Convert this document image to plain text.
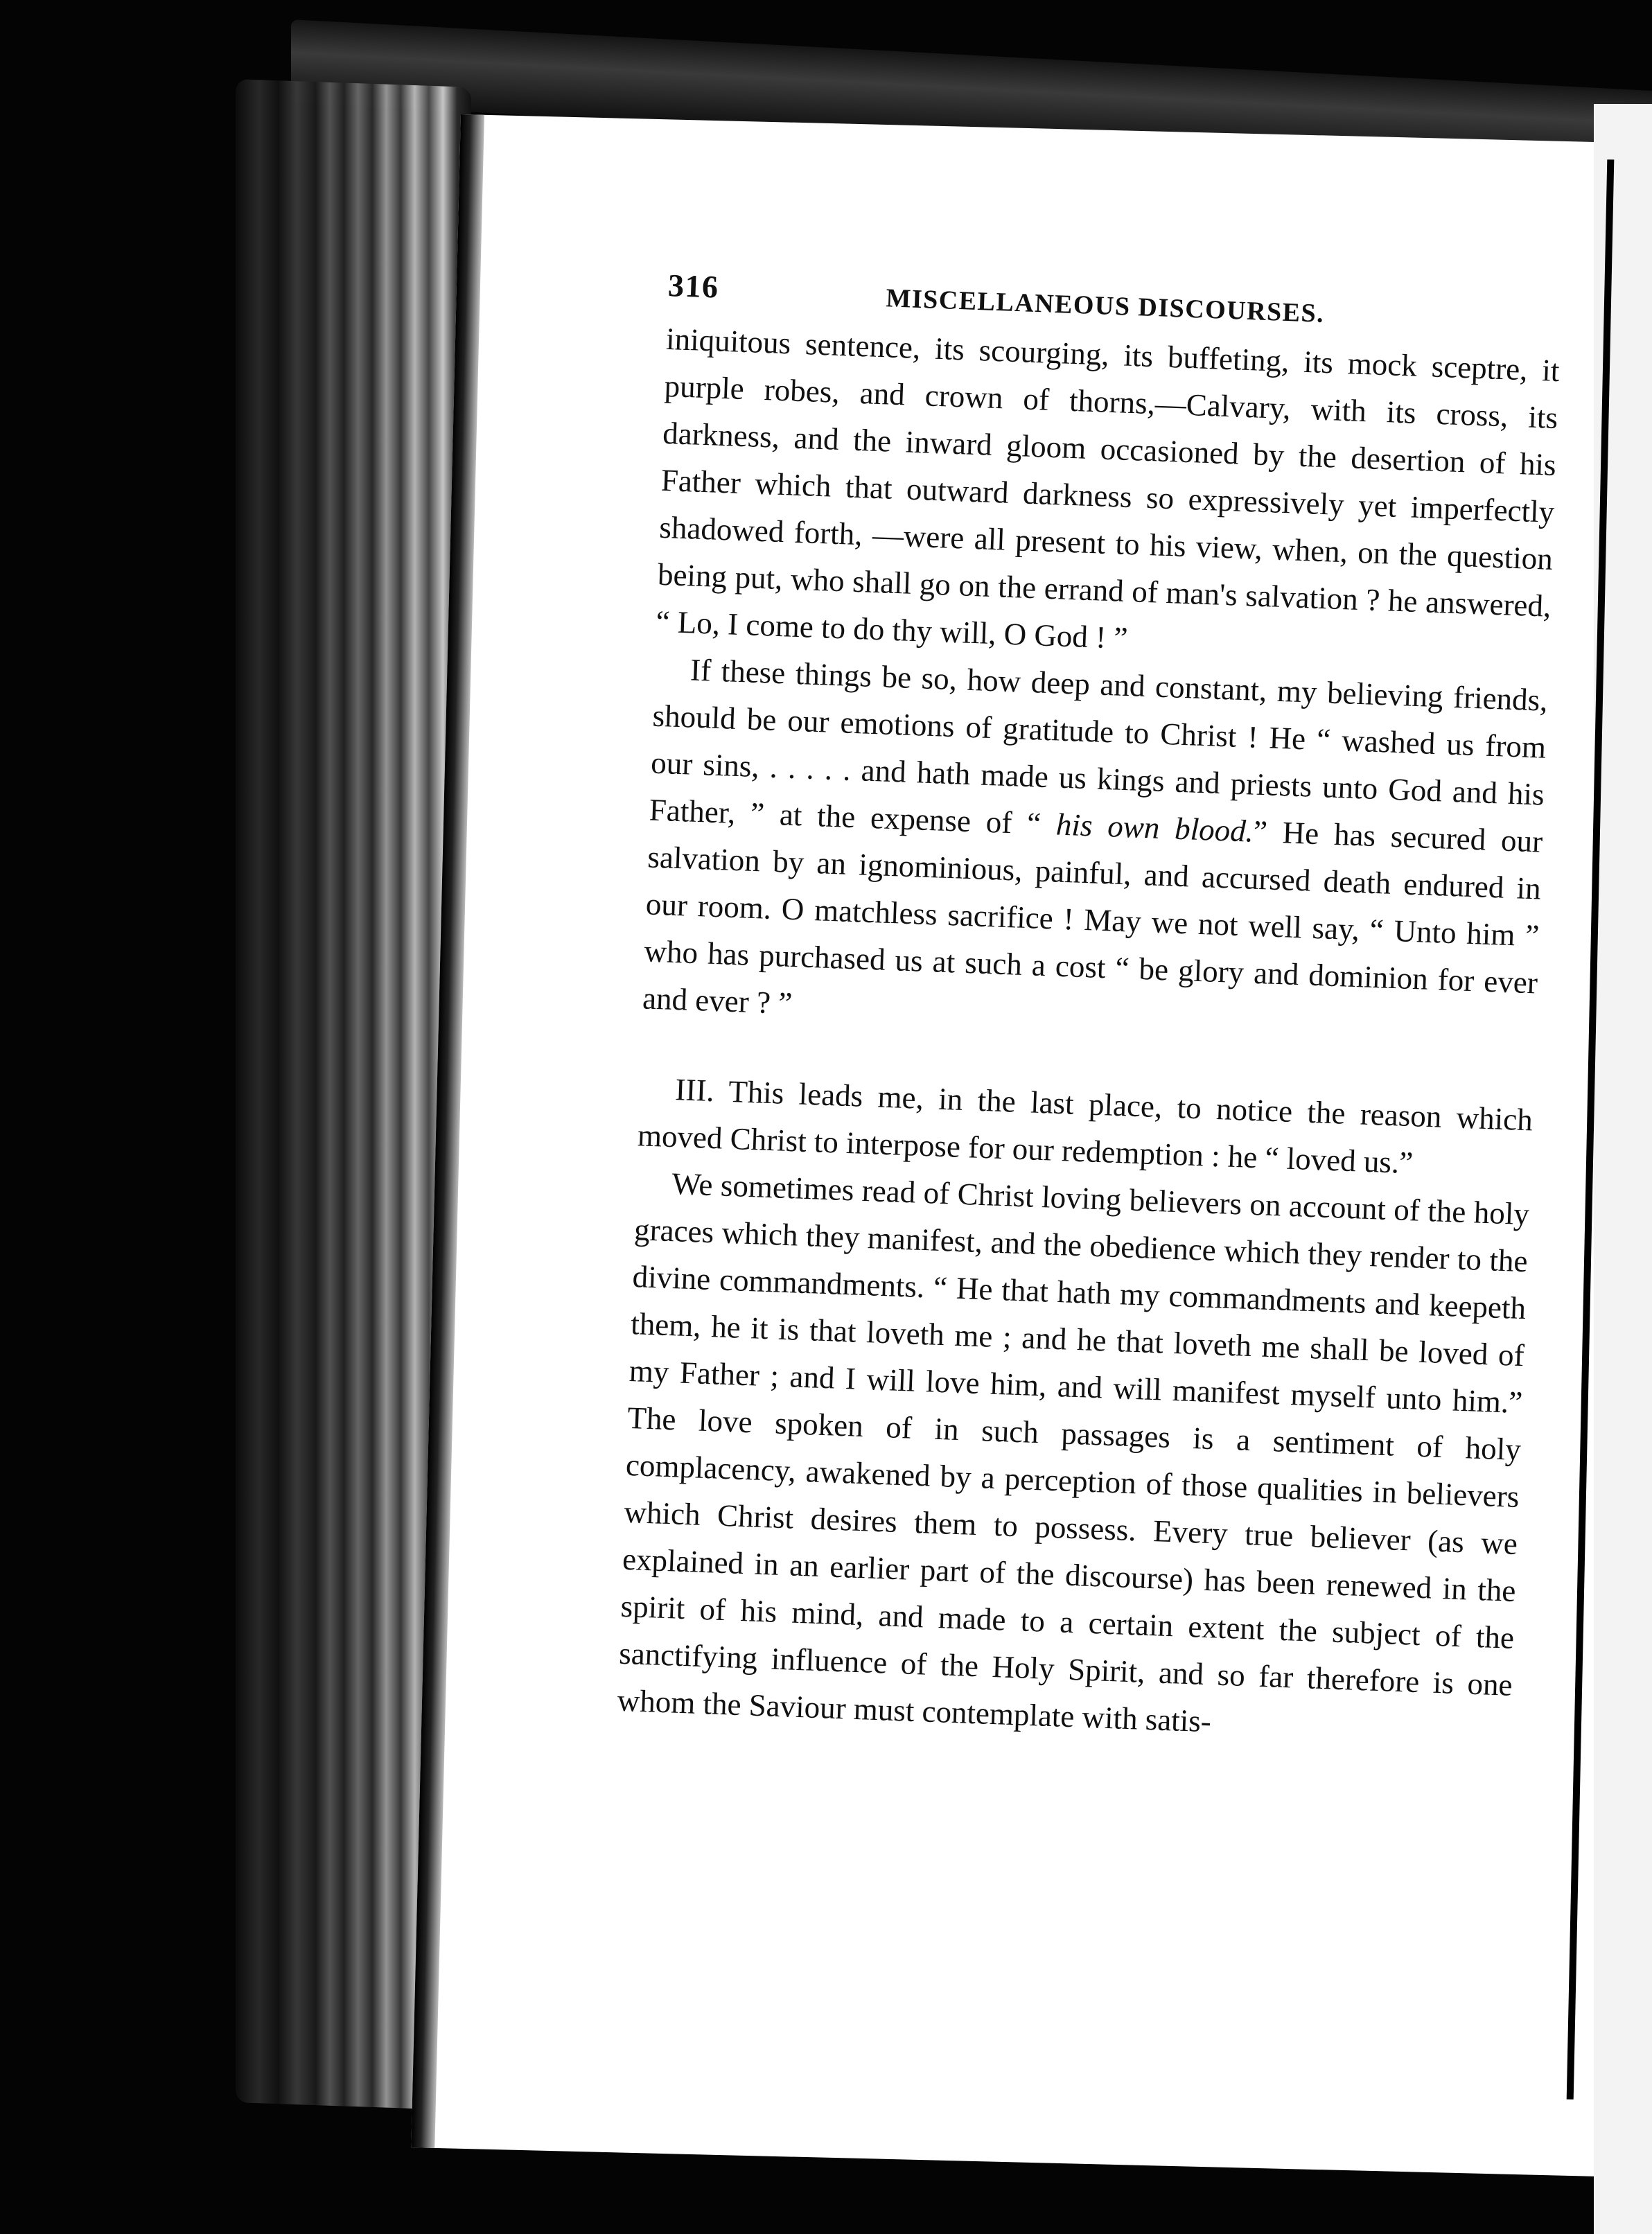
316	MISCELLANEOUS DISCOURSES.

iniquitous sentence, its scourging, its buffeting, its mock sceptre, it purple robes, and crown of thorns,—Calvary, with its cross, its darkness, and the inward gloom occasioned by the desertion of his Father which that outward darkness so expressively yet imperfectly shadowed forth, —were all present to his view, when, on the question being put, who shall go on the errand of man's salvation ? he answered, “ Lo, I come to do thy will, O God ! ”

If these things be so, how deep and constant, my believing friends, should be our emotions of gratitude to Christ ! He “ washed us from our sins, . . . . . and hath made us kings and priests unto God and his Father, ” at the expense of “ his own blood.” He has secured our salvation by an ignominious, painful, and accursed death endured in our room. O matchless sacrifice ! May we not well say, “ Unto him ” who has purchased us at such a cost “ be glory and dominion for ever and ever ? ”

III. This leads me, in the last place, to notice the reason which moved Christ to interpose for our redemption : he “ loved us.”

We sometimes read of Christ loving believers on account of the holy graces which they manifest, and the obedience which they render to the divine commandments. “ He that hath my commandments and keepeth them, he it is that loveth me ; and he that loveth me shall be loved of my Father ; and I will love him, and will manifest myself unto him.” The love spoken of in such passages is a sentiment of holy complacency, awakened by a perception of those qualities in believers which Christ desires them to possess. Every true believer (as we explained in an earlier part of the discourse) has been renewed in the spirit of his mind, and made to a certain extent the subject of the sanctifying influence of the Holy Spirit, and so far therefore is one whom the Saviour must contemplate with satis-
